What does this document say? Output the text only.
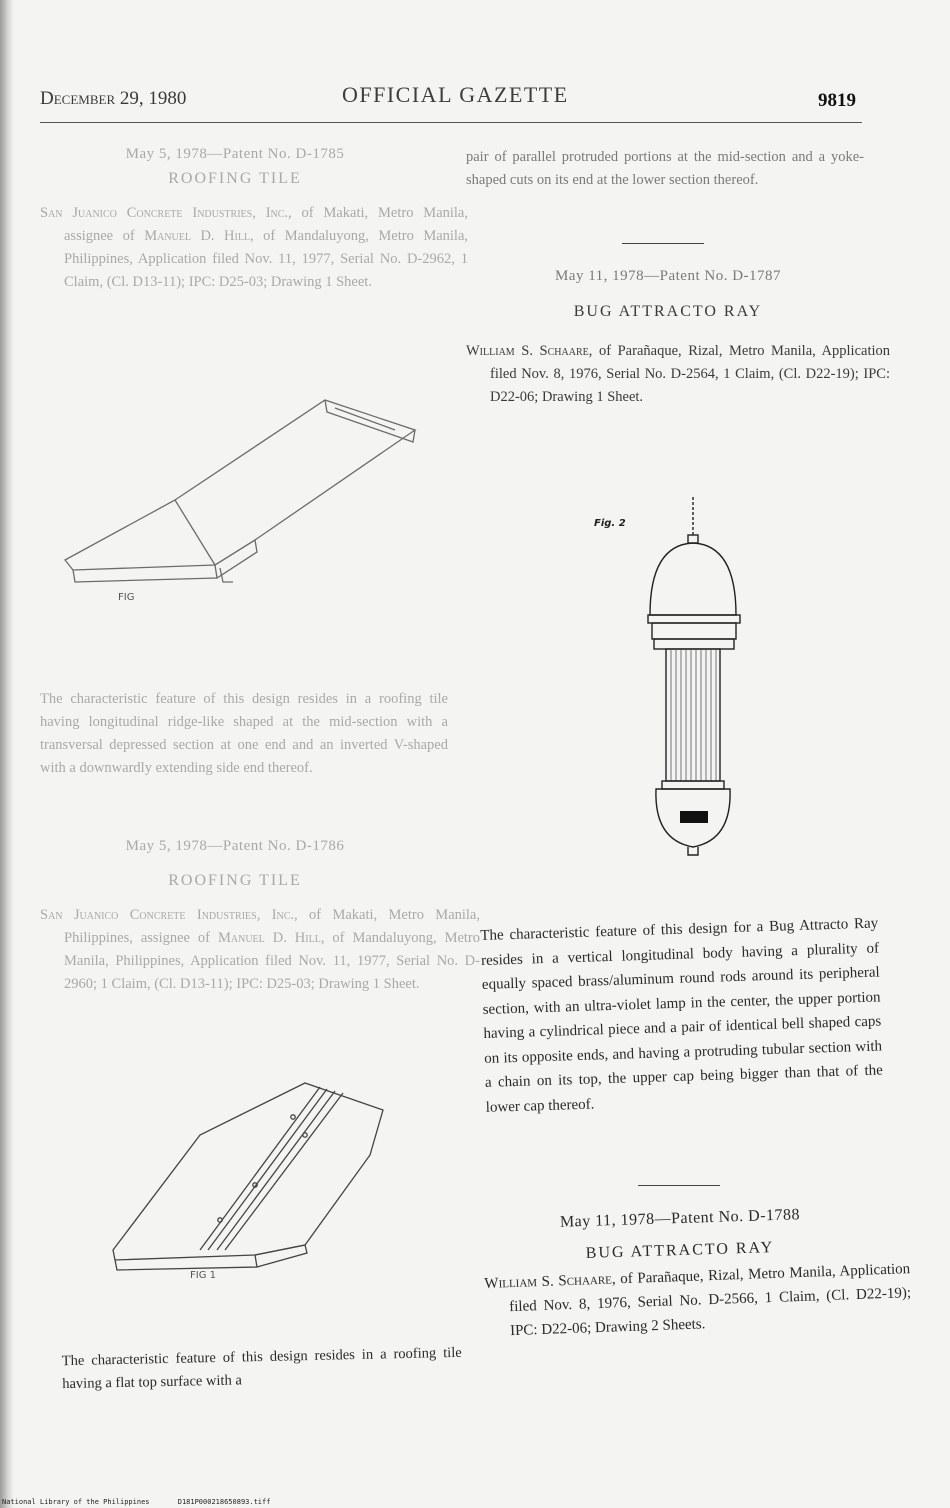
December 29, 1980	OFFICIAL GAZETTE	9819
May 5, 1978—Patent No. D-1785
ROOFING TILE
San Juanico Concrete Industries, Inc., of Makati, Metro Manila, assignee of Manuel D. Hill, of Mandaluyong, Metro Manila, Philippines, Application filed Nov. 11, 1977, Serial No. D-2962, 1 Claim, (Cl. D13-11); IPC: D25-03; Drawing 1 Sheet.
FIG
The characteristic feature of this design resides in a roofing tile having longitudinal ridge-like shaped at the mid-section with a transversal depressed section at one end and an inverted V-shaped with a downwardly extending side end thereof.
May 5, 1978—Patent No. D-1786
ROOFING TILE
San Juanico Concrete Industries, Inc., of Makati, Metro Manila, Philippines, assignee of Manuel D. Hill, of Mandaluyong, Metro Manila, Philippines, Application filed Nov. 11, 1977, Serial No. D-2960; 1 Claim, (Cl. D13-11); IPC: D25-03; Drawing 1 Sheet.
FIG 1
The characteristic feature of this design resides in a roofing tile having a flat top surface with a
pair of parallel protruded portions at the mid-section and a yoke-shaped cuts on its end at the lower section thereof.
May 11, 1978—Patent No. D-1787
BUG ATTRACTO RAY
William S. Schaare, of Parañaque, Rizal, Metro Manila, Application filed Nov. 8, 1976, Serial No. D-2564, 1 Claim, (Cl. D22-19); IPC: D22-06; Drawing 1 Sheet.
Fig. 2
The characteristic feature of this design for a Bug Attracto Ray resides in a vertical longitudinal body having a plurality of equally spaced brass/aluminum round rods around its peripheral section, with an ultra-violet lamp in the center, the upper portion having a cylindrical piece and a pair of identical bell shaped caps on its opposite ends, and having a protruding tubular section with a chain on its top, the upper cap being bigger than that of the lower cap thereof.
May 11, 1978—Patent No. D-1788
BUG ATTRACTO RAY
William S. Schaare, of Parañaque, Rizal, Metro Manila, Application filed Nov. 8, 1976, Serial No. D-2566, 1 Claim, (Cl. D22-19); IPC: D22-06; Drawing 2 Sheets.
National Library of the Philippines	D181P000218650893.tiff
